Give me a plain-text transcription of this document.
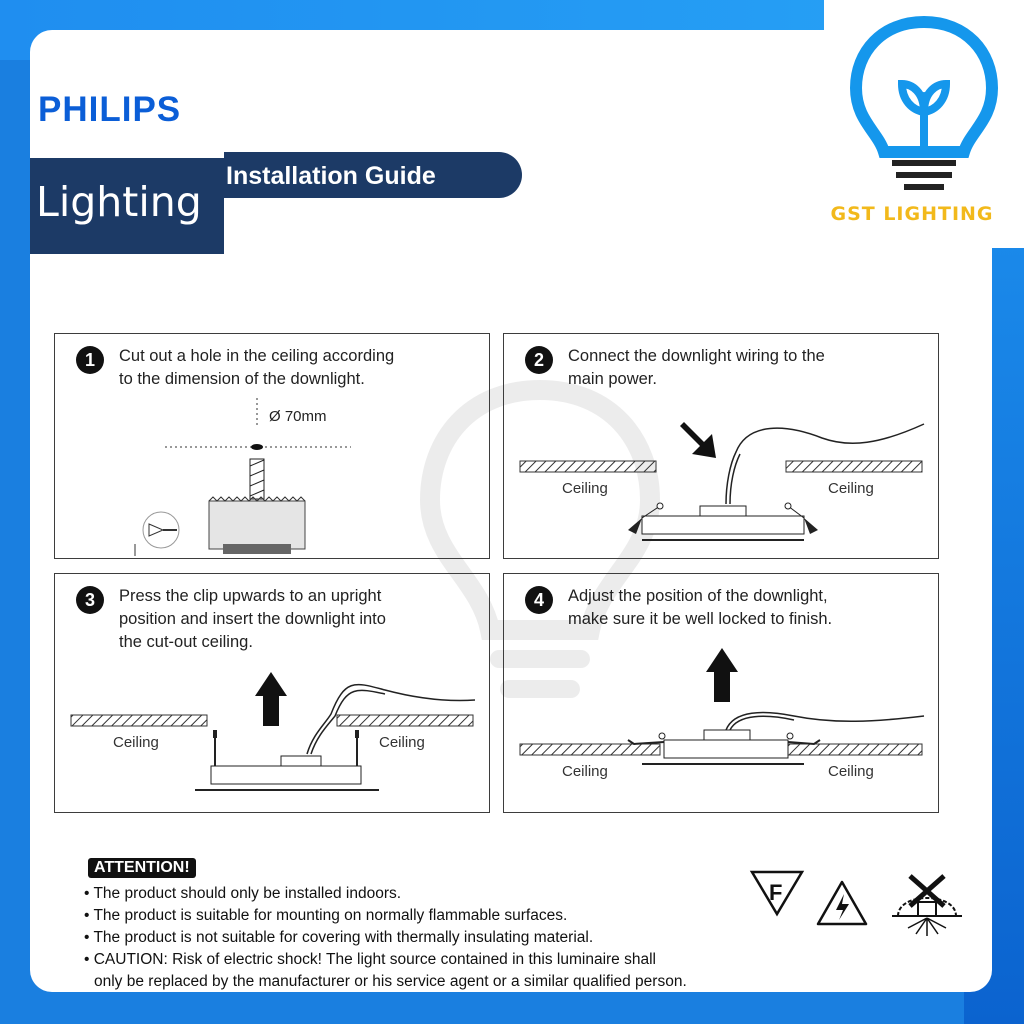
PHILIPS
Lighting
Installation Guide
1	Cut out a hole in the ceiling according
to the dimension of the downlight.
Ø 70mm
2	Connect the downlight wiring to the
main power.
Ceiling	Ceiling
3	Press the clip upwards to an upright
position and insert the downlight into
the cut-out ceiling.
Ceiling	Ceiling
4	Adjust the position of the downlight,
make sure it be well locked to finish.
Ceiling	Ceiling
ATTENTION!
• The product should only be installed indoors.
• The product is suitable for mounting on normally flammable surfaces.
• The product is not suitable for covering with thermally insulating material.
• CAUTION: Risk of electric shock! The light source contained in this luminaire shall
only be replaced by the manufacturer or his service agent or a similar qualified person.
F
GST LIGHTING
